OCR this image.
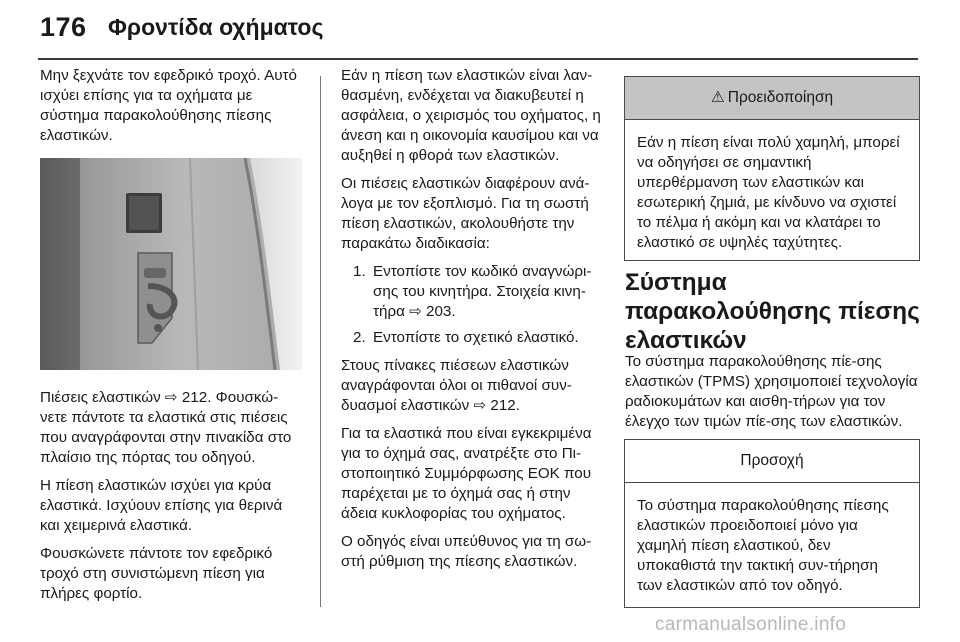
176 Φροντίδα οχήματος

Μην ξεχνάτε τον εφεδρικό τροχό. Αυτό ισχύει επίσης για τα οχήματα με σύστημα παρακολούθησης πίεσης ελαστικών.

Πιέσεις ελαστικών ⇨ 212. Φουσκώ-νετε πάντοτε τα ελαστικά στις πιέσεις που αναγράφονται στην πινακίδα στο πλαίσιο της πόρτας του οδηγού.

Η πίεση ελαστικών ισχύει για κρύα ελαστικά. Ισχύουν επίσης για θερινά και χειμερινά ελαστικά.

Φουσκώνετε πάντοτε τον εφεδρικό τροχό στη συνιστώμενη πίεση για πλήρες φορτίο.

Εάν η πίεση των ελαστικών είναι λαν-θασμένη, ενδέχεται να διακυβευτεί η ασφάλεια, ο χειρισμός του οχήματος, η άνεση και η οικονομία καυσίμου και να αυξηθεί η φθορά των ελαστικών.

Οι πιέσεις ελαστικών διαφέρουν ανά-λογα με τον εξοπλισμό. Για τη σωστή πίεση ελαστικών, ακολουθήστε την παρακάτω διαδικασία:

1. Εντοπίστε τον κωδικό αναγνώρι-σης του κινητήρα. Στοιχεία κινη-τήρα ⇨ 203.
2. Εντοπίστε το σχετικό ελαστικό.

Στους πίνακες πιέσεων ελαστικών αναγράφονται όλοι οι πιθανοί συν-δυασμοί ελαστικών ⇨ 212.

Για τα ελαστικά που είναι εγκεκριμένα για το όχημά σας, ανατρέξτε στο Πι-στοποιητικό Συμμόρφωσης ΕΟΚ που παρέχεται με το όχημά σας ή στην άδεια κυκλοφορίας του οχήματος.

Ο οδηγός είναι υπεύθυνος για τη σω-στή ρύθμιση της πίεσης ελαστικών.

⚠ Προειδοποίηση
Εάν η πίεση είναι πολύ χαμηλή, μπορεί να οδηγήσει σε σημαντική υπερθέρμανση των ελαστικών και εσωτερική ζημιά, με κίνδυνο να σχιστεί το πέλμα ή ακόμη και να κλατάρει το ελαστικό σε υψηλές ταχύτητες.
Σύστημα παρακολούθησης πίεσης ελαστικών
Το σύστημα παρακολούθησης πίε-σης ελαστικών (TPMS) χρησιμοποιεί τεχνολογία ραδιοκυμάτων και αισθη-τήρων για τον έλεγχο των τιμών πίε-σης των ελαστικών.
Προσοχή
Το σύστημα παρακολούθησης πίεσης ελαστικών προειδοποιεί μόνο για χαμηλή πίεση ελαστικού, δεν υποκαθιστά την τακτική συν-τήρηση των ελαστικών από τον οδηγό.
carmanualsonline.info
